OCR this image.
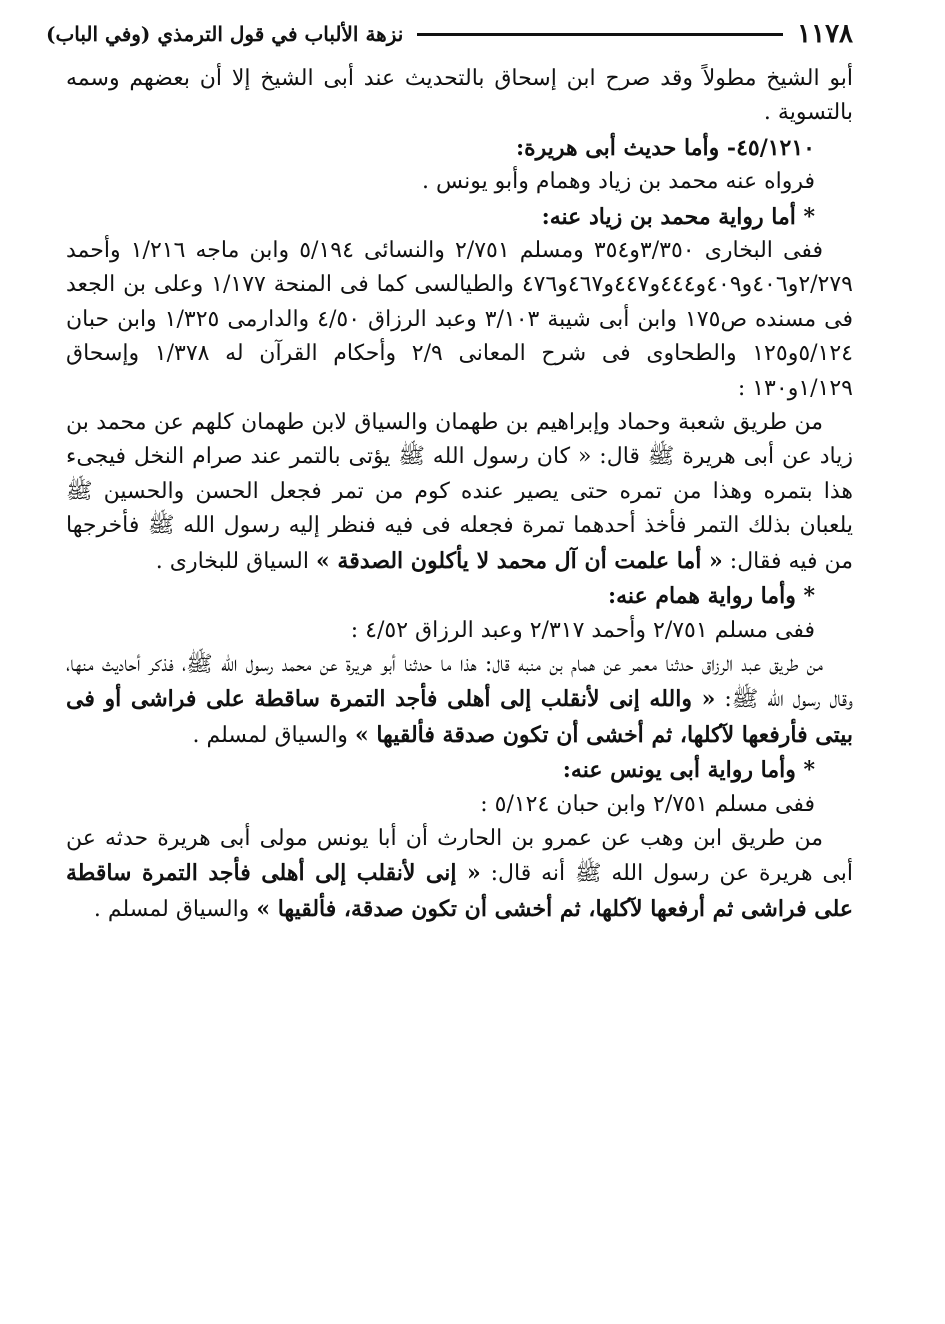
١١٧٨
نزهة الألباب في قول الترمذي (وفي الباب)

أبو الشيخ مطولاً وقد صرح ابن إسحاق بالتحديث عند أبى الشيخ إلا أن بعضهم وسمه بالتسوية .

٤٥/١٢١٠- وأما حديث أبى هريرة:

فرواه عنه محمد بن زياد وهمام وأبو يونس .

* أما رواية محمد بن زياد عنه:

ففى البخارى ٣/٣٥٠و٣٥٤ ومسلم ٢/٧٥١ والنسائى ٥/١٩٤ وابن ماجه ١/٢١٦ وأحمد ٢/٢٧٩و٤٠٦و٤٠٩و٤٤٤و٤٤٧و٤٦٧و٤٧٦ والطيالسى كما فى المنحة ١/١٧٧ وعلى بن الجعد فى مسنده ص١٧٥ وابن أبى شيبة ٣/١٠٣ وعبد الرزاق ٤/٥٠ والدارمى ١/٣٢٥ وابن حبان ٥/١٢٤و١٢٥ والطحاوى فى شرح المعانى ٢/٩ وأحكام القرآن له ١/٣٧٨ وإسحاق ١/١٢٩و١٣٠ :

من طريق شعبة وحماد وإبراهيم بن طهمان والسياق لابن طهمان كلهم عن محمد بن زياد عن أبى هريرة ﷺ قال: « كان رسول الله ﷺ يؤتى بالتمر عند صرام النخل فيجىء هذا بتمره وهذا من تمره حتى يصير عنده كوم من تمر فجعل الحسن والحسين ﷺ يلعبان بذلك التمر فأخذ أحدهما تمرة فجعله فى فيه فنظر إليه رسول الله ﷺ فأخرجها من فيه فقال: « أما علمت أن آل محمد لا يأكلون الصدقة » السياق للبخارى .

* وأما رواية همام عنه:

ففى مسلم ٢/٧٥١ وأحمد ٢/٣١٧ وعبد الرزاق ٤/٥٢ :

من طريق عبد الرزاق حدثنا معمر عن همام بن منبه قال: هذا ما حدثنا أبو هريرة عن محمد رسول الله ﷺ، فذكر أحاديث منها، وقال رسول الله ﷺ: « والله إنى لأنقلب إلى أهلى فأجد التمرة ساقطة على فراشى أو فى بيتى فأرفعها لآكلها، ثم أخشى أن تكون صدقة فألقيها » والسياق لمسلم .

* وأما رواية أبى يونس عنه:

ففى مسلم ٢/٧٥١ وابن حبان ٥/١٢٤ :

من طريق ابن وهب عن عمرو بن الحارث أن أبا يونس مولى أبى هريرة حدثه عن أبى هريرة عن رسول الله ﷺ أنه قال: « إنى لأنقلب إلى أهلى فأجد التمرة ساقطة على فراشى ثم أرفعها لآكلها، ثم أخشى أن تكون صدقة، فألقيها » والسياق لمسلم .
